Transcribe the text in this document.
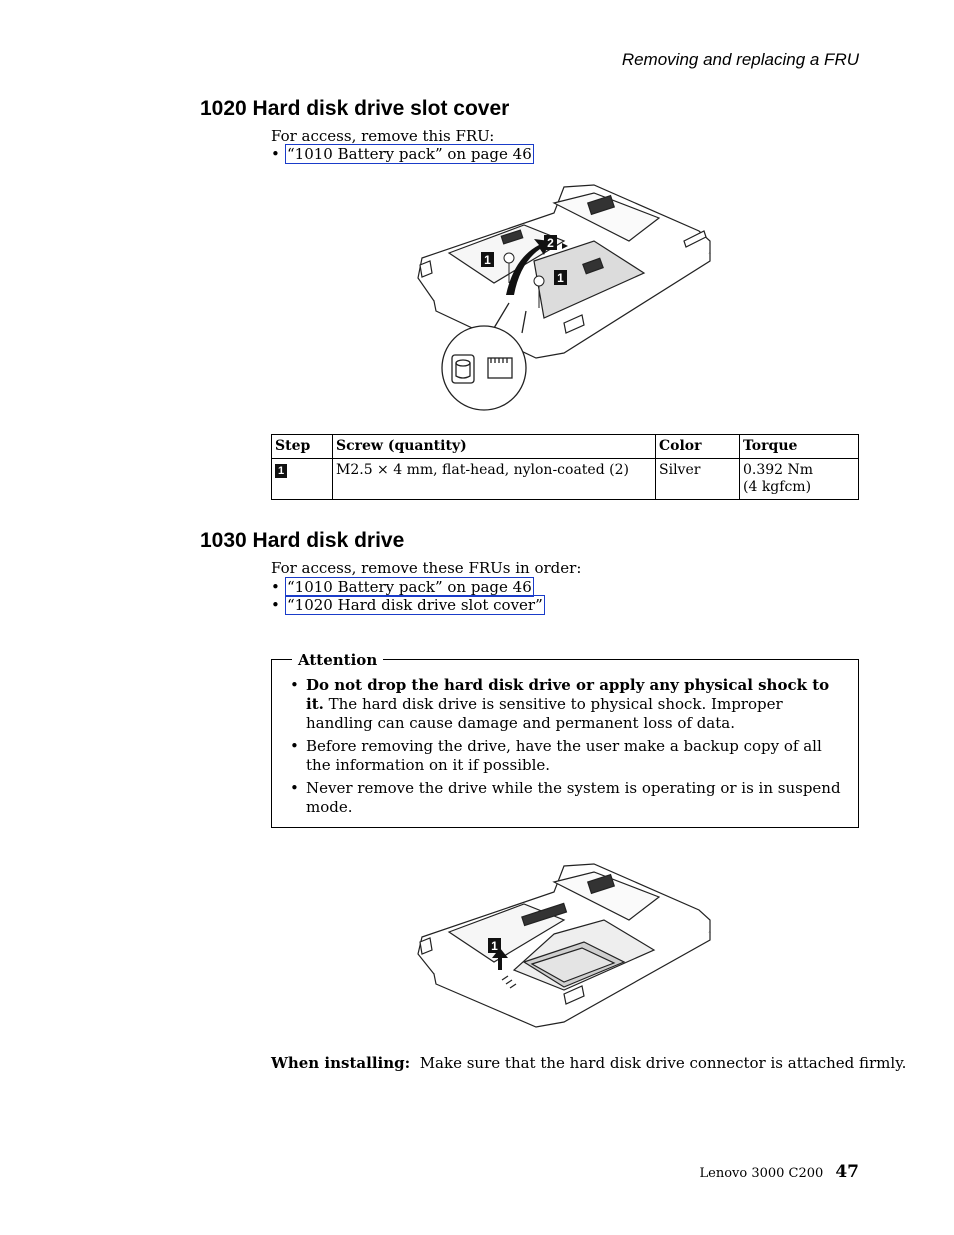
Removing and replacing a FRU
1020 Hard disk drive slot cover
For access, remove this FRU:
• “1010 Battery pack” on page 46
1
1
2
Step	Screw (quantity)	Color	Torque
1	M2.5 × 4 mm, flat-head, nylon-coated (2)	Silver	0.392 Nm
(4 kgfcm)
1030 Hard disk drive
For access, remove these FRUs in order:
• “1010 Battery pack” on page 46
• “1020 Hard disk drive slot cover”
Attention
• Do not drop the hard disk drive or apply any physical shock to it. The hard disk drive is sensitive to physical shock. Improper handling can cause damage and permanent loss of data.
• Before removing the drive, have the user make a backup copy of all the information on it if possible.
• Never remove the drive while the system is operating or is in suspend mode.
1
When installing: Make sure that the hard disk drive connector is attached firmly.
Lenovo 3000 C200 47
